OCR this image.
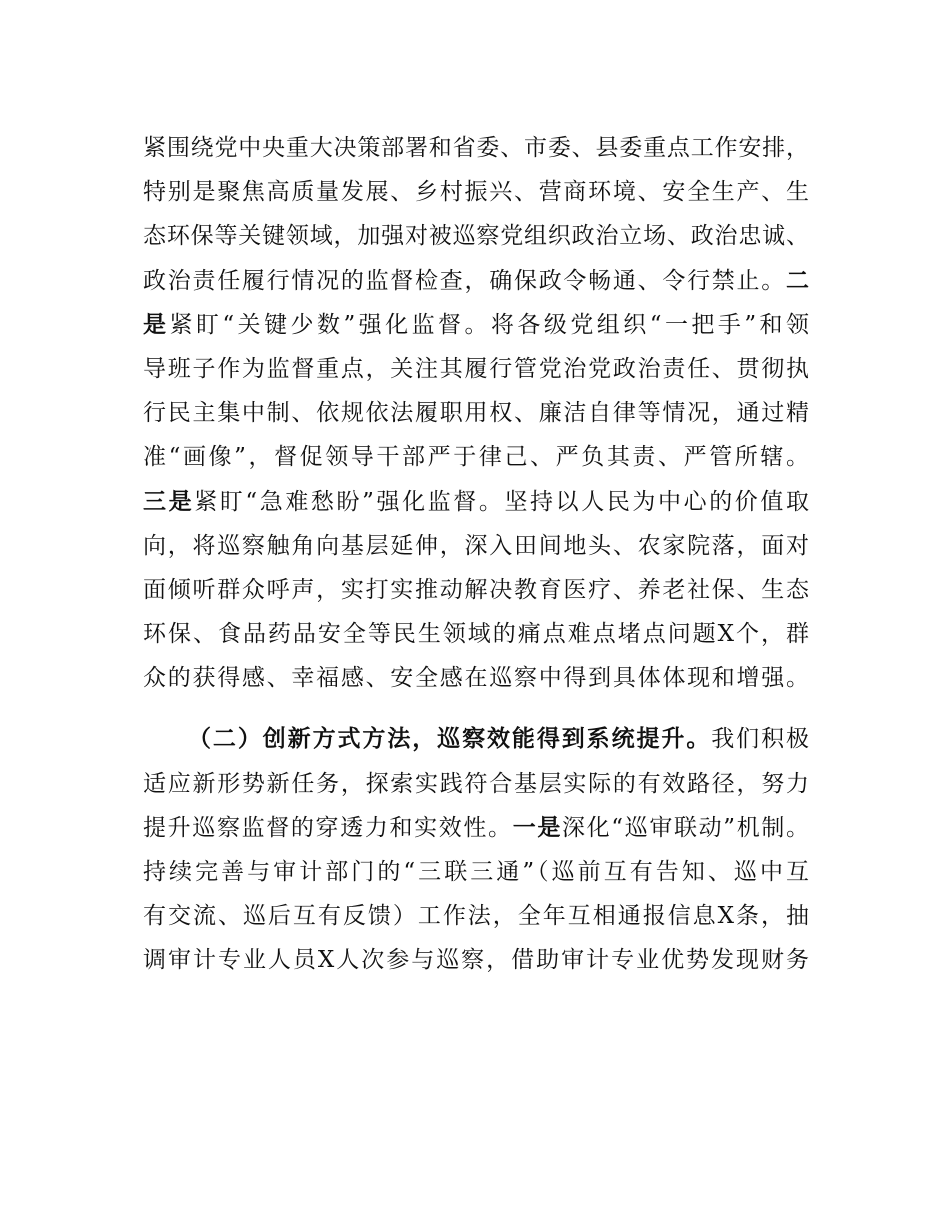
紧围绕党中央重大决策部署和省委、市委、县委重点工作安排，
特别是聚焦高质量发展、乡村振兴、营商环境、安全生产、生
态环保等关键领域，加强对被巡察党组织政治立场、政治忠诚、
政治责任履行情况的监督检查，确保政令畅通、令行禁止。二
是紧盯“关键少数”强化监督。将各级党组织“一把手”和领
导班子作为监督重点，关注其履行管党治党政治责任、贯彻执
行民主集中制、依规依法履职用权、廉洁自律等情况，通过精
准“画像”，督促领导干部严于律己、严负其责、严管所辖。
三是紧盯“急难愁盼”强化监督。坚持以人民为中心的价值取
向，将巡察触角向基层延伸，深入田间地头、农家院落，面对
面倾听群众呼声，实打实推动解决教育医疗、养老社保、生态
环保、食品药品安全等民生领域的痛点难点堵点问题X个，群
众的获得感、幸福感、安全感在巡察中得到具体体现和增强。
（二）创新方式方法，巡察效能得到系统提升。我们积极
适应新形势新任务，探索实践符合基层实际的有效路径，努力
提升巡察监督的穿透力和实效性。一是深化“巡审联动”机制。
持续完善与审计部门的“三联三通”（巡前互有告知、巡中互
有交流、巡后互有反馈）工作法，全年互相通报信息X条，抽
调审计专业人员X人次参与巡察，借助审计专业优势发现财务
